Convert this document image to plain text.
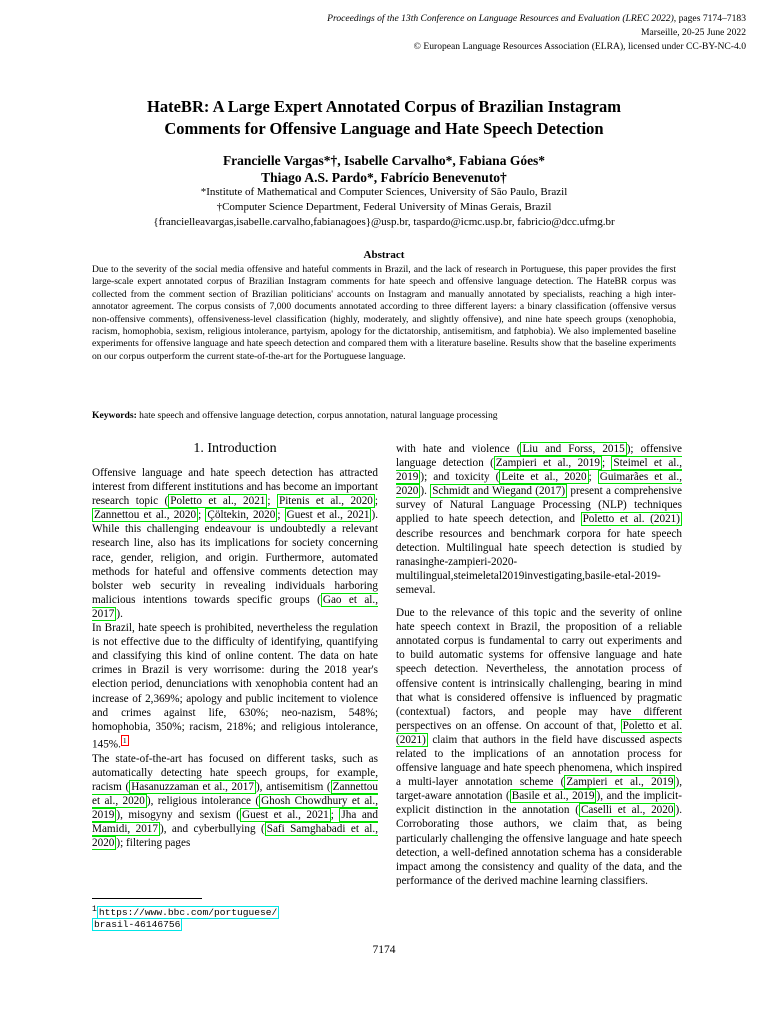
Proceedings of the 13th Conference on Language Resources and Evaluation (LREC 2022), pages 7174–7183
Marseille, 20-25 June 2022
© European Language Resources Association (ELRA), licensed under CC-BY-NC-4.0
HateBR: A Large Expert Annotated Corpus of Brazilian Instagram
Comments for Offensive Language and Hate Speech Detection
Francielle Vargas*†, Isabelle Carvalho*, Fabiana Góes*
Thiago A.S. Pardo*, Fabrício Benevenuto†
*Institute of Mathematical and Computer Sciences, University of São Paulo, Brazil
†Computer Science Department, Federal University of Minas Gerais, Brazil
{francielleavargas,isabelle.carvalho,fabianagoes}@usp.br, taspardo@icmc.usp.br, fabricio@dcc.ufmg.br
Abstract
Due to the severity of the social media offensive and hateful comments in Brazil, and the lack of research in Portuguese, this paper provides the first large-scale expert annotated corpus of Brazilian Instagram comments for hate speech and offensive language detection. The HateBR corpus was collected from the comment section of Brazilian politicians' accounts on Instagram and manually annotated by specialists, reaching a high inter-annotator agreement. The corpus consists of 7,000 documents annotated according to three different layers: a binary classification (offensive versus non-offensive comments), offensiveness-level classification (highly, moderately, and slightly offensive), and nine hate speech groups (xenophobia, racism, homophobia, sexism, religious intolerance, partyism, apology for the dictatorship, antisemitism, and fatphobia). We also implemented baseline experiments for offensive language and hate speech detection and compared them with a literature baseline. Results show that the baseline experiments on our corpus outperform the current state-of-the-art for the Portuguese language.
Keywords: hate speech and offensive language detection, corpus annotation, natural language processing
1. Introduction

Offensive language and hate speech detection has attracted interest from different institutions and has become an important research topic ( Poletto et al., 2021 ; Pitenis et al., 2020 ; Zannettou et al., 2020 ; Çöltekin, 2020 ; Guest et al., 2021 ). While this challenging endeavour is undoubtedly a relevant research line, also has its implications for society concerning race, gender, religion, and origin. Furthermore, automated methods for hateful and offensive comments detection may bolster web security in revealing individuals harboring malicious intentions towards specific groups ( Gao et al., 2017 ).

In Brazil, hate speech is prohibited, nevertheless the regulation is not effective due to the difficulty of identifying, quantifying and classifying this kind of online content. The data on hate crimes in Brazil is very worrisome: during the 2018 year's election period, denunciations with xenophobia content had an increase of 2,369%; apology and public incitement to violence and crimes against life, 630%; neo-nazism, 548%; homophobia, 350%; racism, 218%; and religious intolerance, 145%. $^1$

The state-of-the-art has focused on different tasks, such as automatically detecting hate speech groups, for example, racism ( Hasanuzzaman et al., 2017 ), antisemitism ( Zannettou et al., 2020 ), religious intolerance ( Ghosh Chowdhury et al., 2019 ), misogyny and sexism ( Guest et al., 2021 ; Jha and Mamidi, 2017 ), and cyberbullying ( Safi Samghabadi et al., 2020 ); filtering pages

with hate and violence ( Liu and Forss, 2015 ); offensive language detection ( Zampieri et al., 2019 ; Steimel et al., 2019 ); and toxicity ( Leite et al., 2020 ; Guimarães et al., 2020 ). Schmidt and Wiegand (2017) present a comprehensive survey of Natural Language Processing (NLP) techniques applied to hate speech detection, and Poletto et al. (2021) describe resources and benchmark corpora for hate speech detection. Multilingual hate speech detection is studied by ranasinghe-zampieri-2020-multilingual,steimeletal2019investigating,basile-etal-2019-semeval.

Due to the relevance of this topic and the severity of online hate speech context in Brazil, the proposition of a reliable annotated corpus is fundamental to carry out experiments and to build automatic systems for offensive language and hate speech detection. Nevertheless, the annotation process of offensive content is intrinsically challenging, bearing in mind that what is considered offensive is influenced by pragmatic (contextual) factors, and people may have different perspectives on an offense. On account of that, Poletto et al. (2021) claim that authors in the field have discussed aspects related to the implications of an annotation process for offensive language and hate speech phenomena, which inspired a multi-layer annotation scheme ( Zampieri et al., 2019 ), target-aware annotation ( Basile et al., 2019 ), and the implicit-explicit distinction in the annotation ( Caselli et al., 2020 ). Corroborating those authors, we claim that, as being particularly challenging the offensive language and hate speech detection, a well-defined annotation schema has a considerable impact among the consistency and quality of the data, and the performance of the derived machine learning classifiers.

$^1$ https://www.bbc.com/portuguese/
brasil-46146756
7174
